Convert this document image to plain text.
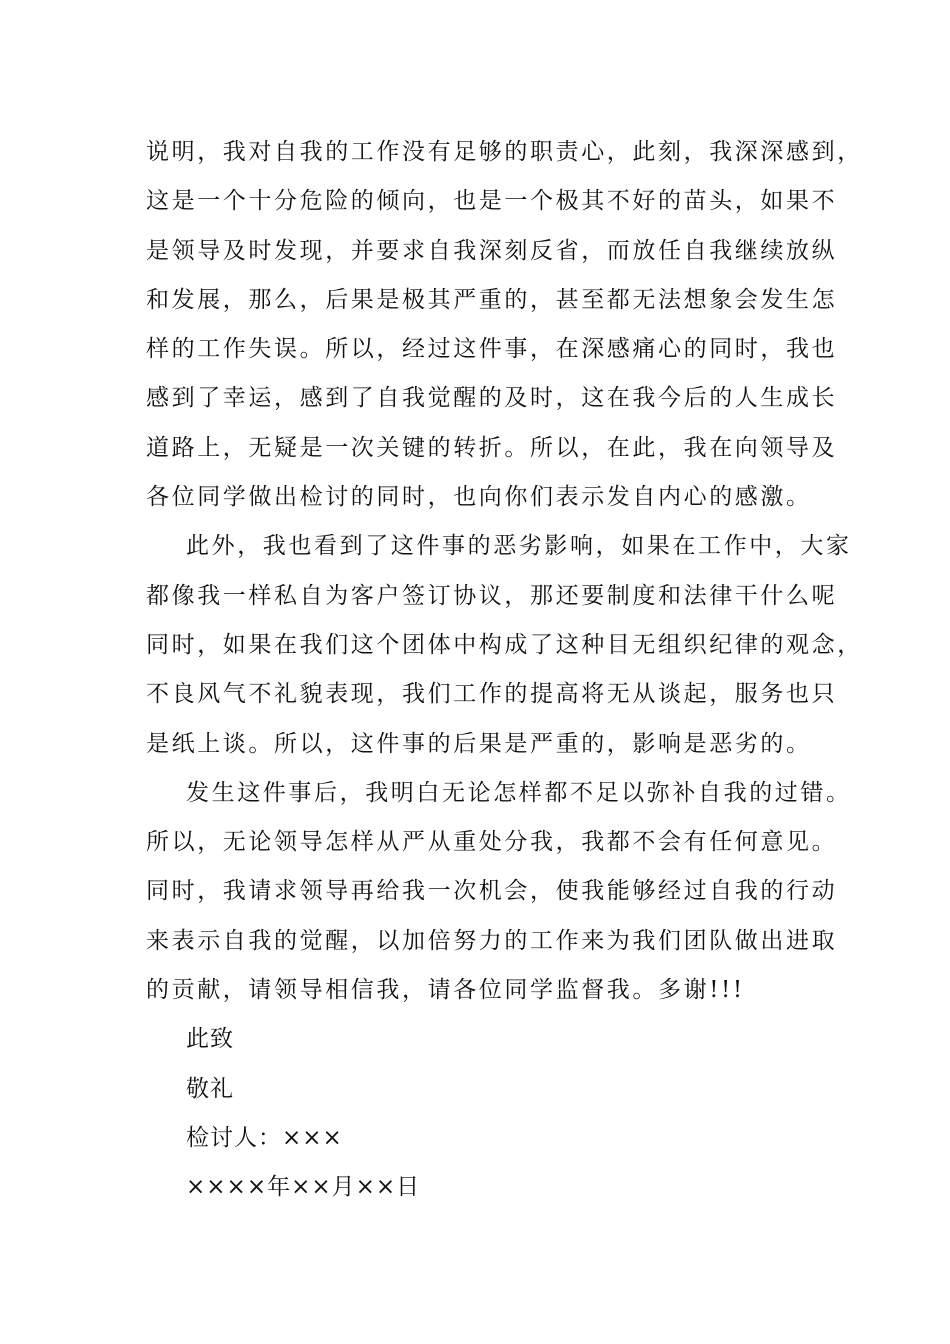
说明，我对自我的工作没有足够的职责心，此刻，我深深感到，
这是一个十分危险的倾向，也是一个极其不好的苗头，如果不
是领导及时发现，并要求自我深刻反省，而放任自我继续放纵
和发展，那么，后果是极其严重的，甚至都无法想象会发生怎
样的工作失误。所以，经过这件事，在深感痛心的同时，我也
感到了幸运，感到了自我觉醒的及时，这在我今后的人生成长
道路上，无疑是一次关键的转折。所以，在此，我在向领导及
各位同学做出检讨的同时，也向你们表示发自内心的感激。
此外，我也看到了这件事的恶劣影响，如果在工作中，大家
都像我一样私自为客户签订协议，那还要制度和法律干什么呢
同时，如果在我们这个团体中构成了这种目无组织纪律的观念，
不良风气不礼貌表现，我们工作的提高将无从谈起，服务也只
是纸上谈。所以，这件事的后果是严重的，影响是恶劣的。
发生这件事后，我明白无论怎样都不足以弥补自我的过错。
所以，无论领导怎样从严从重处分我，我都不会有任何意见。
同时，我请求领导再给我一次机会，使我能够经过自我的行动
来表示自我的觉醒，以加倍努力的工作来为我们团队做出进取
的贡献，请领导相信我，请各位同学监督我。多谢!!!
此致
敬礼
检讨人：×××
××××年××月××日
